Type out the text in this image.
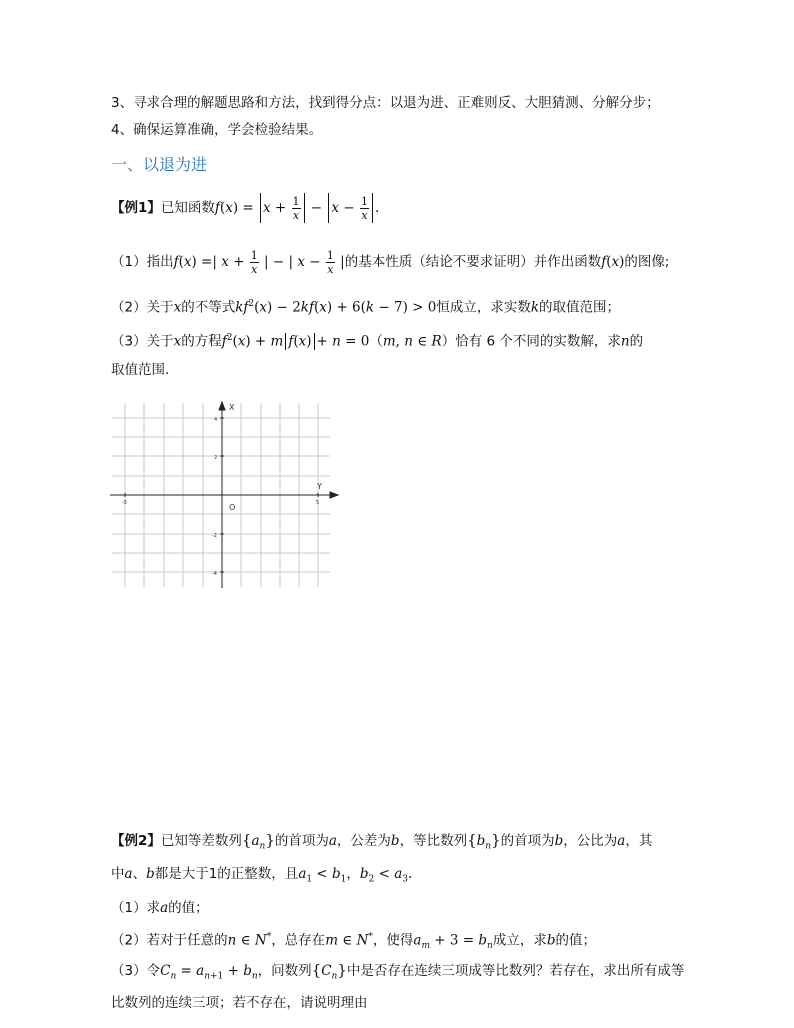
3、寻求合理的解题思路和方法，找到得分点：以退为进、正难则反、大胆猜测、分解分步；
4、确保运算准确，学会检验结果。
一、以退为进
【例1】已知函数$f(x) = x + \frac{1}{x} - x - \frac{1}{x}$ .
（1）指出f(x) =| $x + \frac{1}{x}$ | − | $x - \frac{1}{x}$ |的基本性质（结论不要求证明）并作出函数f(x)的图像;
（2）关于x的不等式$kf^2(x) - 2kf(x) + 6(k - 7) > 0$恒成立，求实数k的取值范围；
（3）关于x的方程$f^2(x) + m$ f(x) + n = 0（m, n ∈ R）恰有 6 个不同的实数解，求n的
取值范围.
X
Y
O
-5	5
4
2
-2
-4
【例2】已知等差数列$\{a_n\}$的首项为a，公差为b，等比数列$\{b_n\}$的首项为b，公比为a，其
中a、b都是大于1的正整数，且$a_1 < b_1$，$b_2 < a_3$.
（1）求a的值；
（2）若对于任意的n ∈ N*，总存在m ∈ N*，使得$a_m + 3 = b_n$成立，求b的值；
（3）令$C_n = a_{n+1} + b_n$，问数列$\{C_n\}$中是否存在连续三项成等比数列？若存在，求出所有成等
比数列的连续三项；若不存在，请说明理由
